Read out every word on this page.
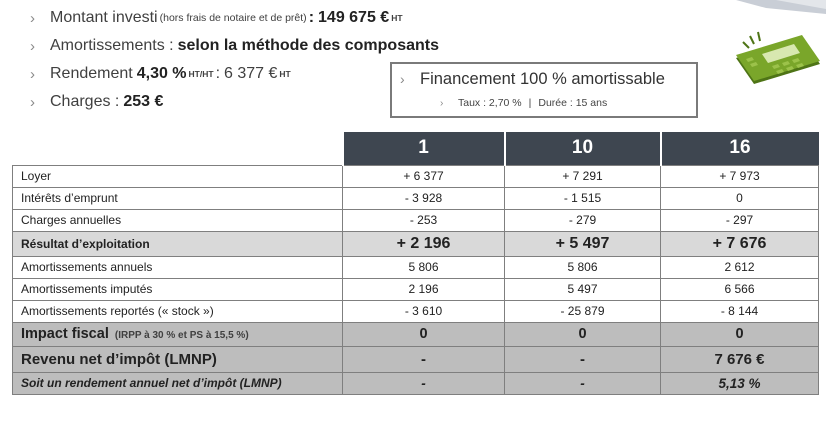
› Montant investi (hors frais de notaire et de prêt) : 149 675 € HT
› Amortissements : selon la méthode des composants
› Rendement 4,30 % HT/HT : 6 377 € HT
› Charges : 253 €
› Financement 100 % amortissable
› Taux : 2,70 % | Durée : 15 ans
	1	10	16
Loyer	+ 6 377	+ 7 291	+ 7 973
Intérêts d’emprunt	- 3 928	- 1 515	0
Charges annuelles	- 253	- 279	- 297
Résultat d’exploitation	+ 2 196	+ 5 497	+ 7 676
Amortissements annuels	5 806	5 806	2 612
Amortissements imputés	2 196	5 497	6 566
Amortissements reportés (« stock »)	- 3 610	- 25 879	- 8 144
Impact fiscal (IRPP à 30 % et PS à 15,5 %)	0	0	0
Revenu net d’impôt (LMNP)	-	-	7 676 €
Soit un rendement annuel net d’impôt (LMNP)	-	-	5,13 %
